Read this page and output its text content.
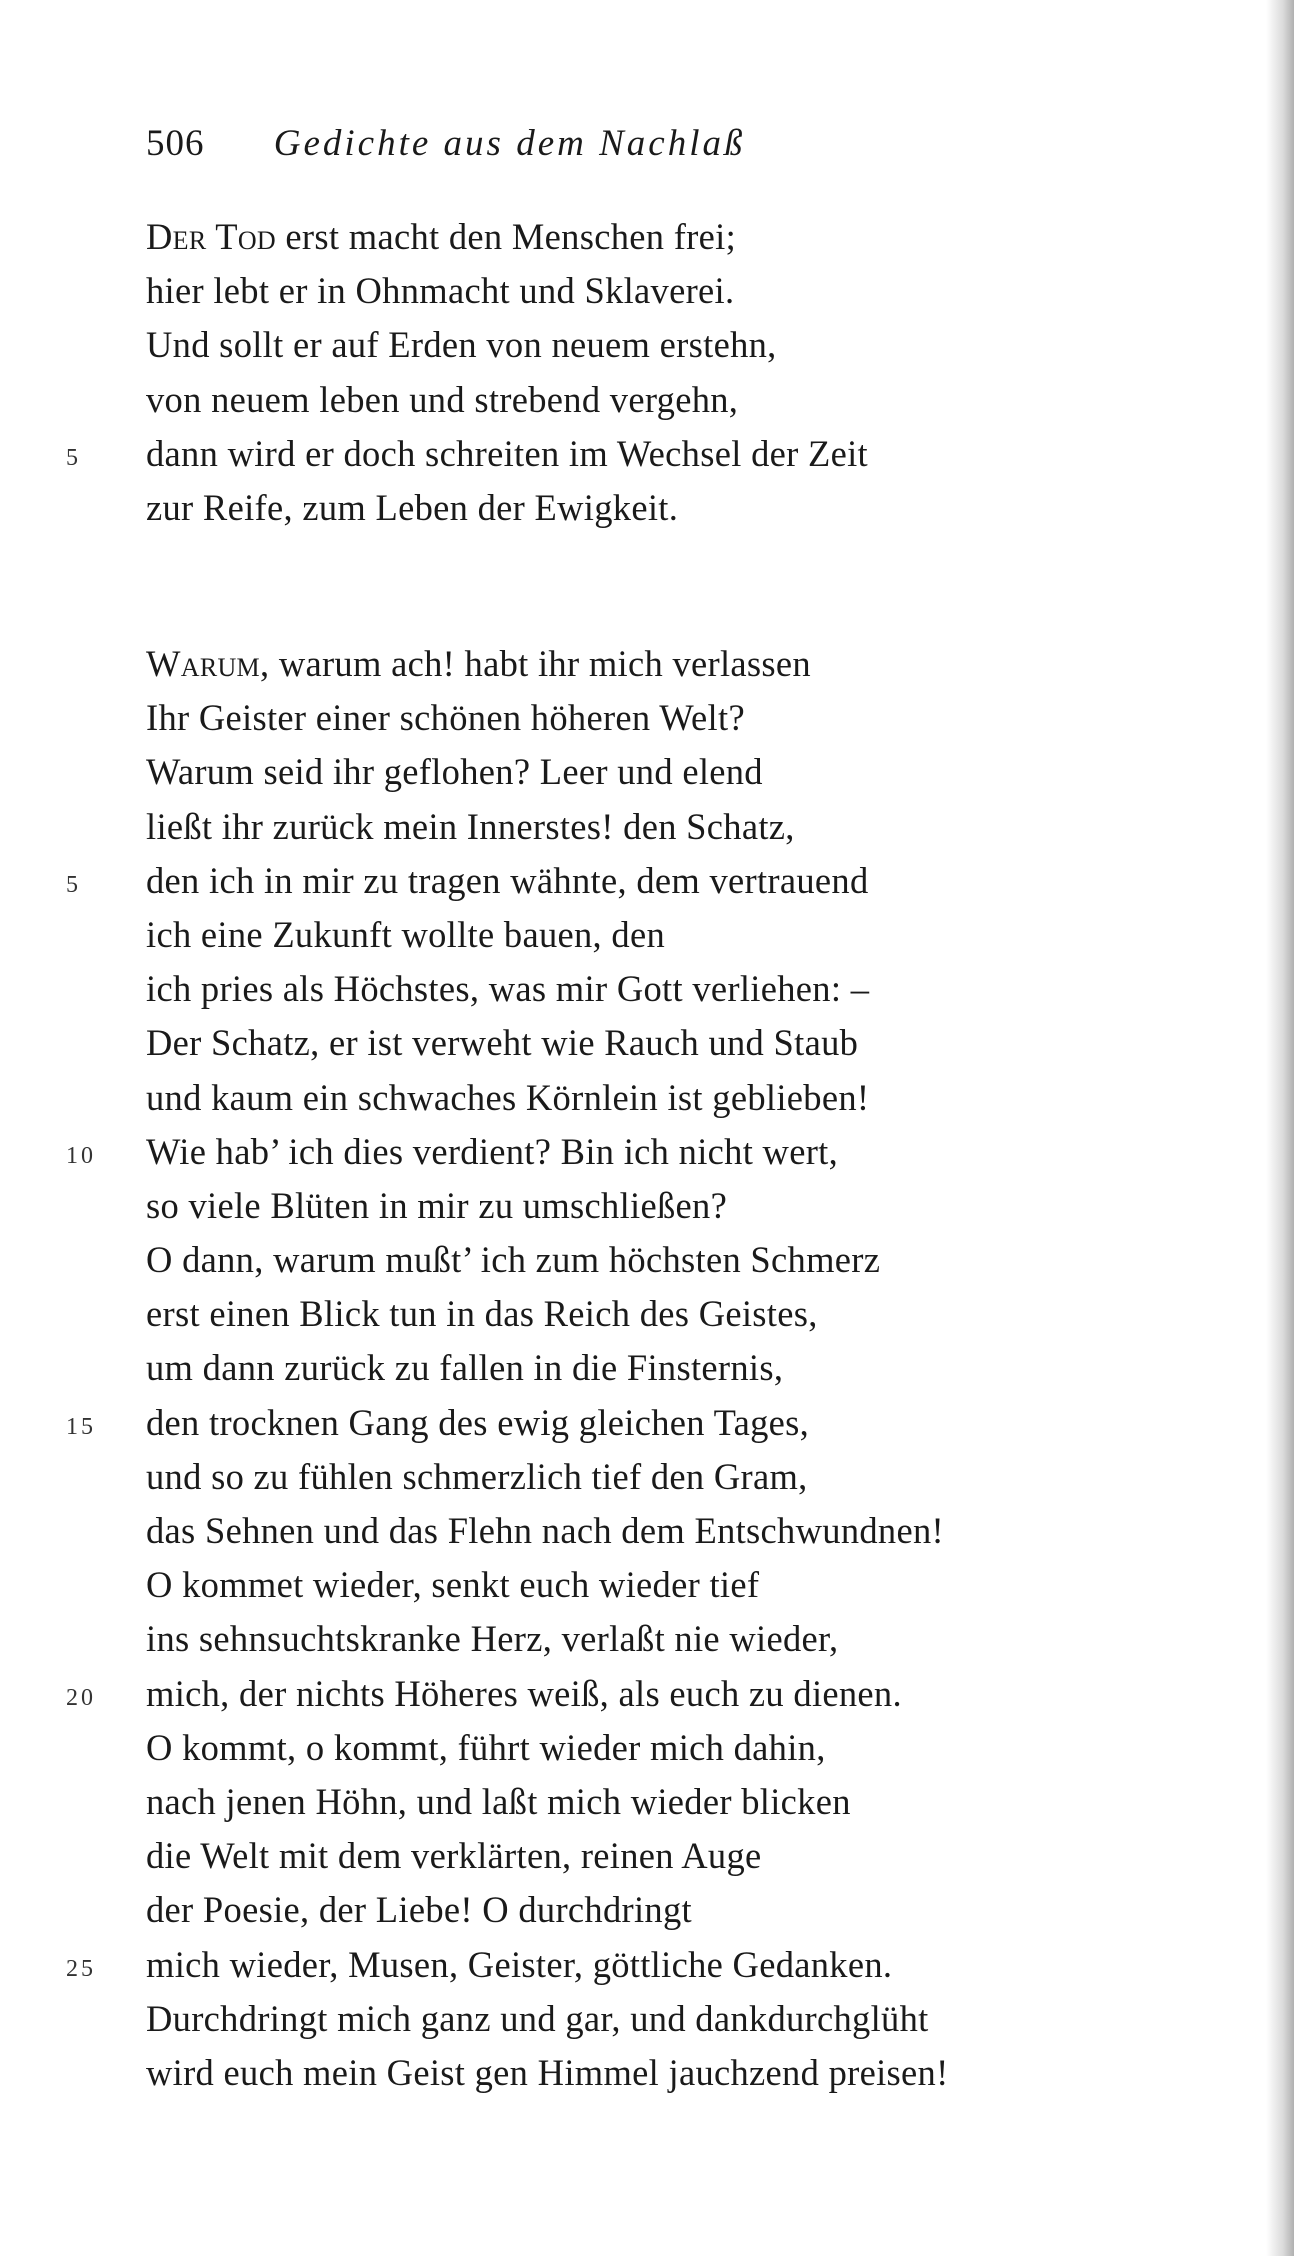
506 Gedichte aus dem Nachlaß
Der Tod erst macht den Menschen frei;
hier lebt er in Ohnmacht und Sklaverei.
Und sollt er auf Erden von neuem erstehn,
von neuem leben und strebend vergehn,
5	dann wird er doch schreiten im Wechsel der Zeit
zur Reife, zum Leben der Ewigkeit.
Warum, warum ach! habt ihr mich verlassen
Ihr Geister einer schönen höheren Welt?
Warum seid ihr geflohen? Leer und elend
ließt ihr zurück mein Innerstes! den Schatz,
5	den ich in mir zu tragen wähnte, dem vertrauend
ich eine Zukunft wollte bauen, den
ich pries als Höchstes, was mir Gott verliehen: –
Der Schatz, er ist verweht wie Rauch und Staub
und kaum ein schwaches Körnlein ist geblieben!
10	Wie hab’ ich dies verdient? Bin ich nicht wert,
so viele Blüten in mir zu umschließen?
O dann, warum mußt’ ich zum höchsten Schmerz
erst einen Blick tun in das Reich des Geistes,
um dann zurück zu fallen in die Finsternis,
15	den trocknen Gang des ewig gleichen Tages,
und so zu fühlen schmerzlich tief den Gram,
das Sehnen und das Flehn nach dem Entschwundnen!
O kommet wieder, senkt euch wieder tief
ins sehnsuchtskranke Herz, verlaßt nie wieder,
20	mich, der nichts Höheres weiß, als euch zu dienen.
O kommt, o kommt, führt wieder mich dahin,
nach jenen Höhn, und laßt mich wieder blicken
die Welt mit dem verklärten, reinen Auge
der Poesie, der Liebe! O durchdringt
25	mich wieder, Musen, Geister, göttliche Gedanken.
Durchdringt mich ganz und gar, und dankdurchglüht
wird euch mein Geist gen Himmel jauchzend preisen!
